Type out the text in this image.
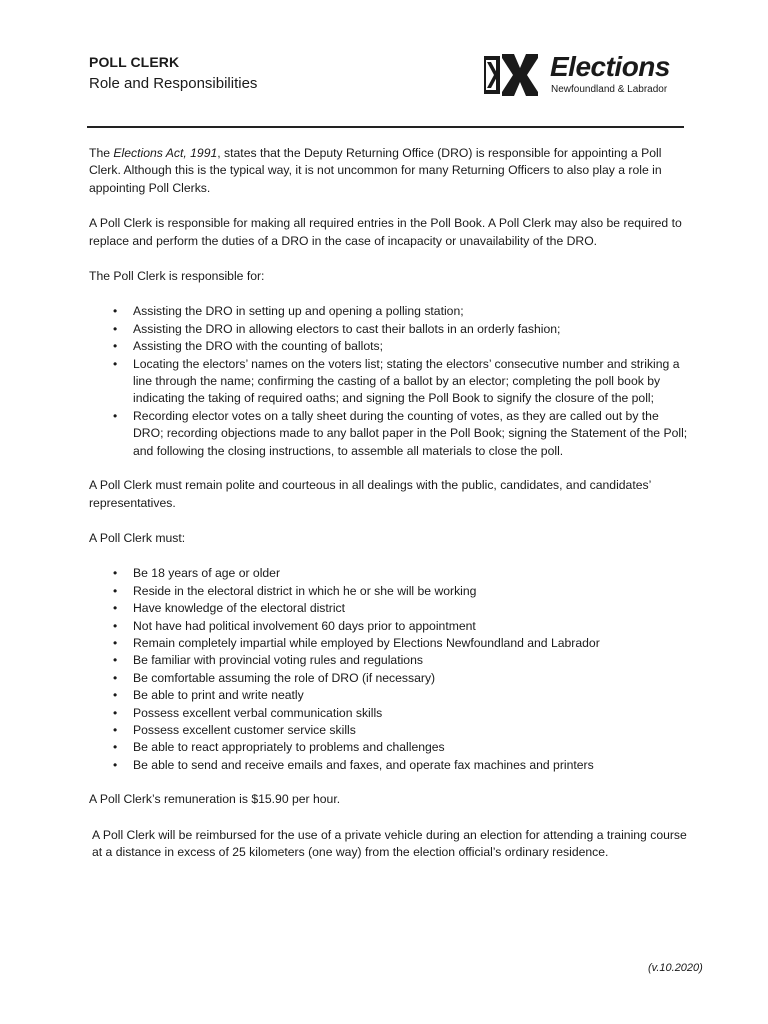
POLL CLERK
Role and Responsibilities
Elections
Newfoundland & Labrador

The Elections Act, 1991, states that the Deputy Returning Office (DRO) is responsible for appointing a Poll Clerk. Although this is the typical way, it is not uncommon for many Returning Officers to also play a role in appointing Poll Clerks.

A Poll Clerk is responsible for making all required entries in the Poll Book. A Poll Clerk may also be required to replace and perform the duties of a DRO in the case of incapacity or unavailability of the DRO.

The Poll Clerk is responsible for:

• Assisting the DRO in setting up and opening a polling station;
• Assisting the DRO in allowing electors to cast their ballots in an orderly fashion;
• Assisting the DRO with the counting of ballots;
• Locating the electors’ names on the voters list; stating the electors’ consecutive number and striking a line through the name; confirming the casting of a ballot by an elector; completing the poll book by indicating the taking of required oaths; and signing the Poll Book to signify the closure of the poll;
• Recording elector votes on a tally sheet during the counting of votes, as they are called out by the DRO; recording objections made to any ballot paper in the Poll Book; signing the Statement of the Poll; and following the closing instructions, to assemble all materials to close the poll.

A Poll Clerk must remain polite and courteous in all dealings with the public, candidates, and candidates’ representatives.

A Poll Clerk must:

• Be 18 years of age or older
• Reside in the electoral district in which he or she will be working
• Have knowledge of the electoral district
• Not have had political involvement 60 days prior to appointment
• Remain completely impartial while employed by Elections Newfoundland and Labrador
• Be familiar with provincial voting rules and regulations
• Be comfortable assuming the role of DRO (if necessary)
• Be able to print and write neatly
• Possess excellent verbal communication skills
• Possess excellent customer service skills
• Be able to react appropriately to problems and challenges
• Be able to send and receive emails and faxes, and operate fax machines and printers

A Poll Clerk’s remuneration is $15.90 per hour.

A Poll Clerk will be reimbursed for the use of a private vehicle during an election for attending a training course at a distance in excess of 25 kilometers (one way) from the election official’s ordinary residence.

(v.10.2020)
